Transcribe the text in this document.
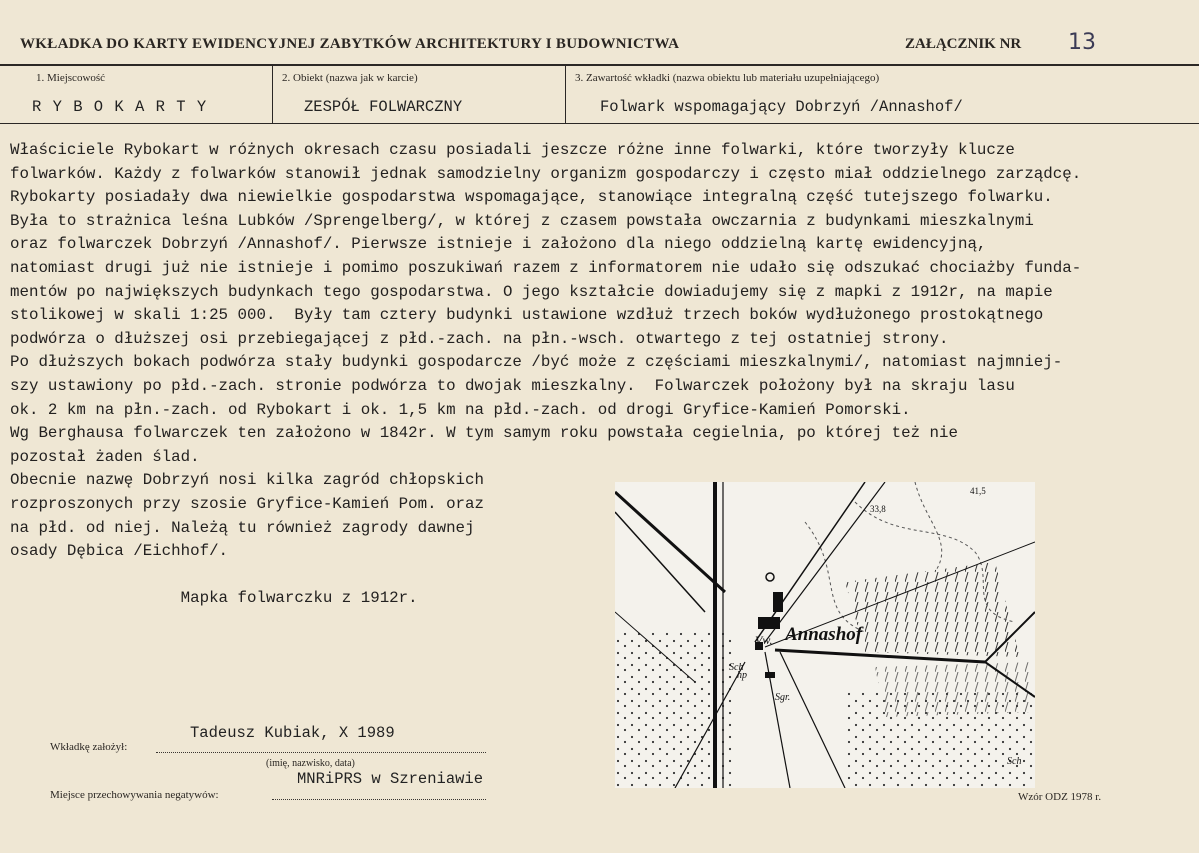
WKŁADKA DO KARTY EWIDENCYJNEJ ZABYTKÓW ARCHITEKTURY I BUDOWNICTWA	ZAŁĄCZNIK NR 13
1. Miejscowość
R Y B O K A R T Y
2. Obiekt (nazwa jak w karcie)
ZESPÓŁ FOLWARCZNY
3. Zawartość wkładki (nazwa obiektu lub materiału uzupełniającego)
Folwark wspomagający Dobrzyń /Annashof/
Właściciele Rybokart w różnych okresach czasu posiadali jeszcze różne inne folwarki, które tworzyły klucze
folwarków. Każdy z folwarków stanowił jednak samodzielny organizm gospodarczy i często miał oddzielnego zarządcę.
Rybokarty posiadały dwa niewielkie gospodarstwa wspomagające, stanowiące integralną część tutejszego folwarku.
Była to strażnica leśna Lubków /Sprengelberg/, w której z czasem powstała owczarnia z budynkami mieszkalnymi
oraz folwarczek Dobrzyń /Annashof/. Pierwsze istnieje i założono dla niego oddzielną kartę ewidencyjną,
natomiast drugi już nie istnieje i pomimo poszukiwań razem z informatorem nie udało się odszukać chociażby funda-
mentów po największych budynkach tego gospodarstwa. O jego kształcie dowiadujemy się z mapki z 1912r, na mapie
stolikowej w skali 1:25 000.  Były tam cztery budynki ustawione wzdłuż trzech boków wydłużonego prostokątnego
podwórza o dłuższej osi przebiegającej z płd.-zach. na płn.-wsch. otwartego z tej ostatniej strony.
Po dłuższych bokach podwórza stały budynki gospodarcze /być może z częściami mieszkalnymi/, natomiast najmniej-
szy ustawiony po płd.-zach. stronie podwórza to dwojak mieszkalny.  Folwarczek położony był na skraju lasu
ok. 2 km na płn.-zach. od Rybokart i ok. 1,5 km na płd.-zach. od drogi Gryfice-Kamień Pomorski.
Wg Berghausa folwarczek ten założono w 1842r. W tym samym roku powstała cegielnia, po której też nie
pozostał żaden ślad.
Obecnie nazwę Dobrzyń nosi kilka zagród chłopskich
rozproszonych przy szosie Gryfice-Kamień Pom. oraz
na płd. od niej. Należą tu również zagrody dawnej
osady Dębica /Eichhof/.

Mapka folwarczku z 1912r.
Annashof
Vw.
33,8
Sgr.
hp
Sch
Sch
41,5
Wkładkę założył:
Tadeusz Kubiak, X 1989
(imię, nazwisko, data)
Miejsce przechowywania negatywów:
MNRiPRS w Szreniawie
Wzór ODZ 1978 r.
